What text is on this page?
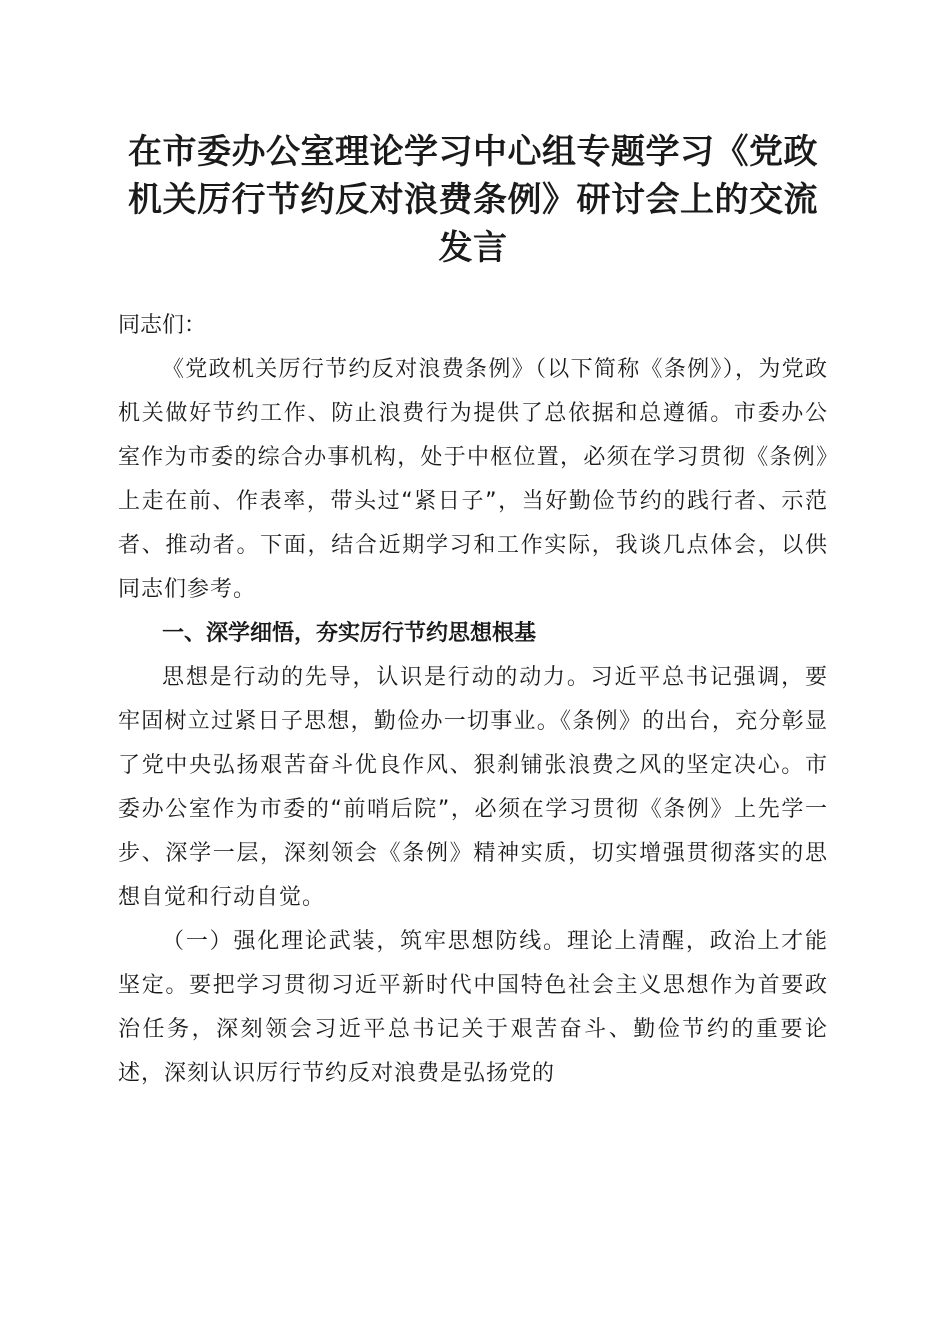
在市委办公室理论学习中心组专题学习《党政机关厉行节约反对浪费条例》研讨会上的交流发言

同志们：

《党政机关厉行节约反对浪费条例》（以下简称《条例》），为党政机关做好节约工作、防止浪费行为提供了总依据和总遵循。市委办公室作为市委的综合办事机构，处于中枢位置，必须在学习贯彻《条例》上走在前、作表率，带头过“紧日子”，当好勤俭节约的践行者、示范者、推动者。下面，结合近期学习和工作实际，我谈几点体会，以供同志们参考。

一、深学细悟，夯实厉行节约思想根基

思想是行动的先导，认识是行动的动力。习近平总书记强调，要牢固树立过紧日子思想，勤俭办一切事业。《条例》的出台，充分彰显了党中央弘扬艰苦奋斗优良作风、狠刹铺张浪费之风的坚定决心。市委办公室作为市委的“前哨后院”，必须在学习贯彻《条例》上先学一步、深学一层，深刻领会《条例》精神实质，切实增强贯彻落实的思想自觉和行动自觉。

（一）强化理论武装，筑牢思想防线。理论上清醒，政治上才能坚定。要把学习贯彻习近平新时代中国特色社会主义思想作为首要政治任务，深刻领会习近平总书记关于艰苦奋斗、勤俭节约的重要论述，深刻认识厉行节约反对浪费是弘扬党的
